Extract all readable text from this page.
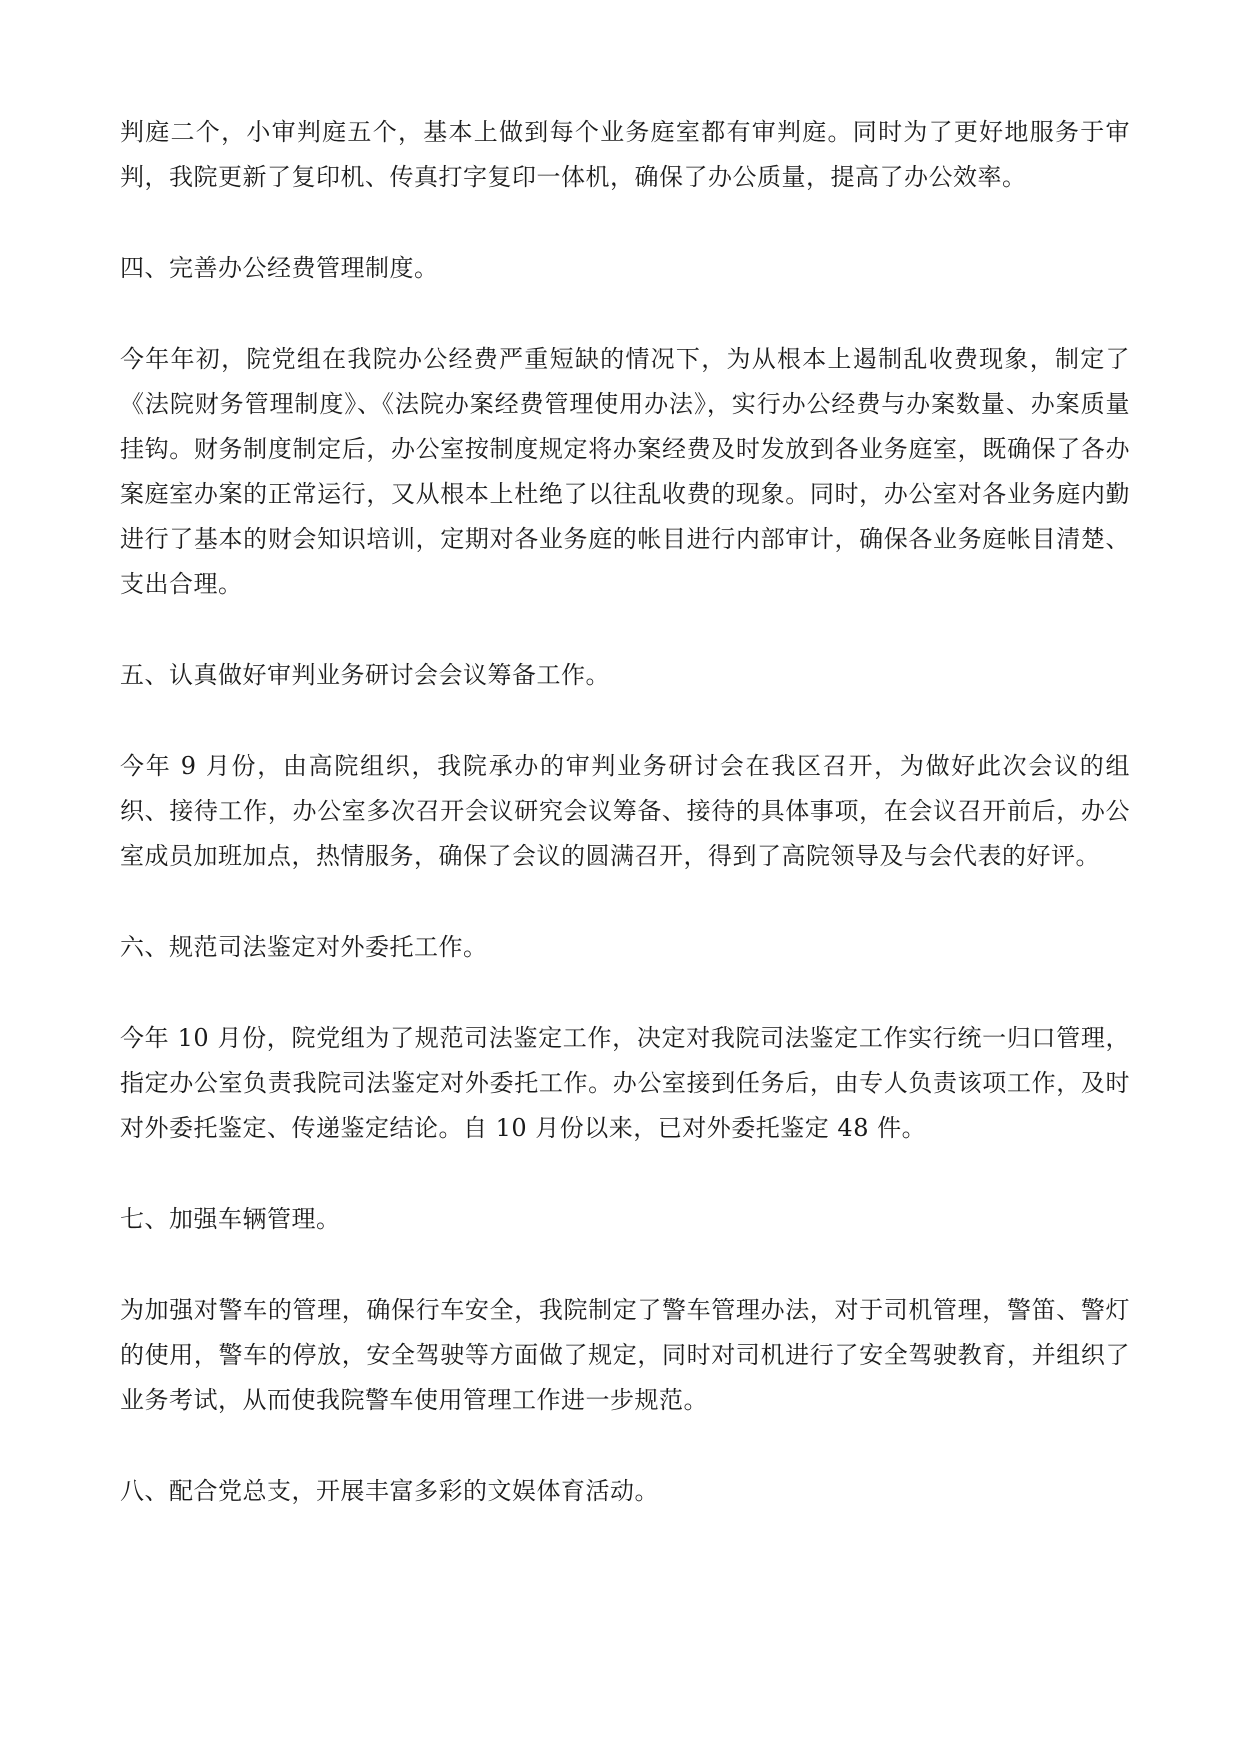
判庭二个，小审判庭五个，基本上做到每个业务庭室都有审判庭。同时为了更好地服务于审判，我院更新了复印机、传真打字复印一体机，确保了办公质量，提高了办公效率。

四、完善办公经费管理制度。

今年年初，院党组在我院办公经费严重短缺的情况下，为从根本上遏制乱收费现象，制定了《法院财务管理制度》、《法院办案经费管理使用办法》，实行办公经费与办案数量、办案质量挂钩。财务制度制定后，办公室按制度规定将办案经费及时发放到各业务庭室，既确保了各办案庭室办案的正常运行，又从根本上杜绝了以往乱收费的现象。同时，办公室对各业务庭内勤进行了基本的财会知识培训，定期对各业务庭的帐目进行内部审计，确保各业务庭帐目清楚、支出合理。

五、认真做好审判业务研讨会会议筹备工作。

今年 9 月份，由高院组织，我院承办的审判业务研讨会在我区召开，为做好此次会议的组织、接待工作，办公室多次召开会议研究会议筹备、接待的具体事项，在会议召开前后，办公室成员加班加点，热情服务，确保了会议的圆满召开，得到了高院领导及与会代表的好评。

六、规范司法鉴定对外委托工作。

今年 10 月份，院党组为了规范司法鉴定工作，决定对我院司法鉴定工作实行统一归口管理，指定办公室负责我院司法鉴定对外委托工作。办公室接到任务后，由专人负责该项工作，及时对外委托鉴定、传递鉴定结论。自 10 月份以来，已对外委托鉴定 48 件。

七、加强车辆管理。

为加强对警车的管理，确保行车安全，我院制定了警车管理办法，对于司机管理，警笛、警灯的使用，警车的停放，安全驾驶等方面做了规定，同时对司机进行了安全驾驶教育，并组织了业务考试，从而使我院警车使用管理工作进一步规范。

八、配合党总支，开展丰富多彩的文娱体育活动。
